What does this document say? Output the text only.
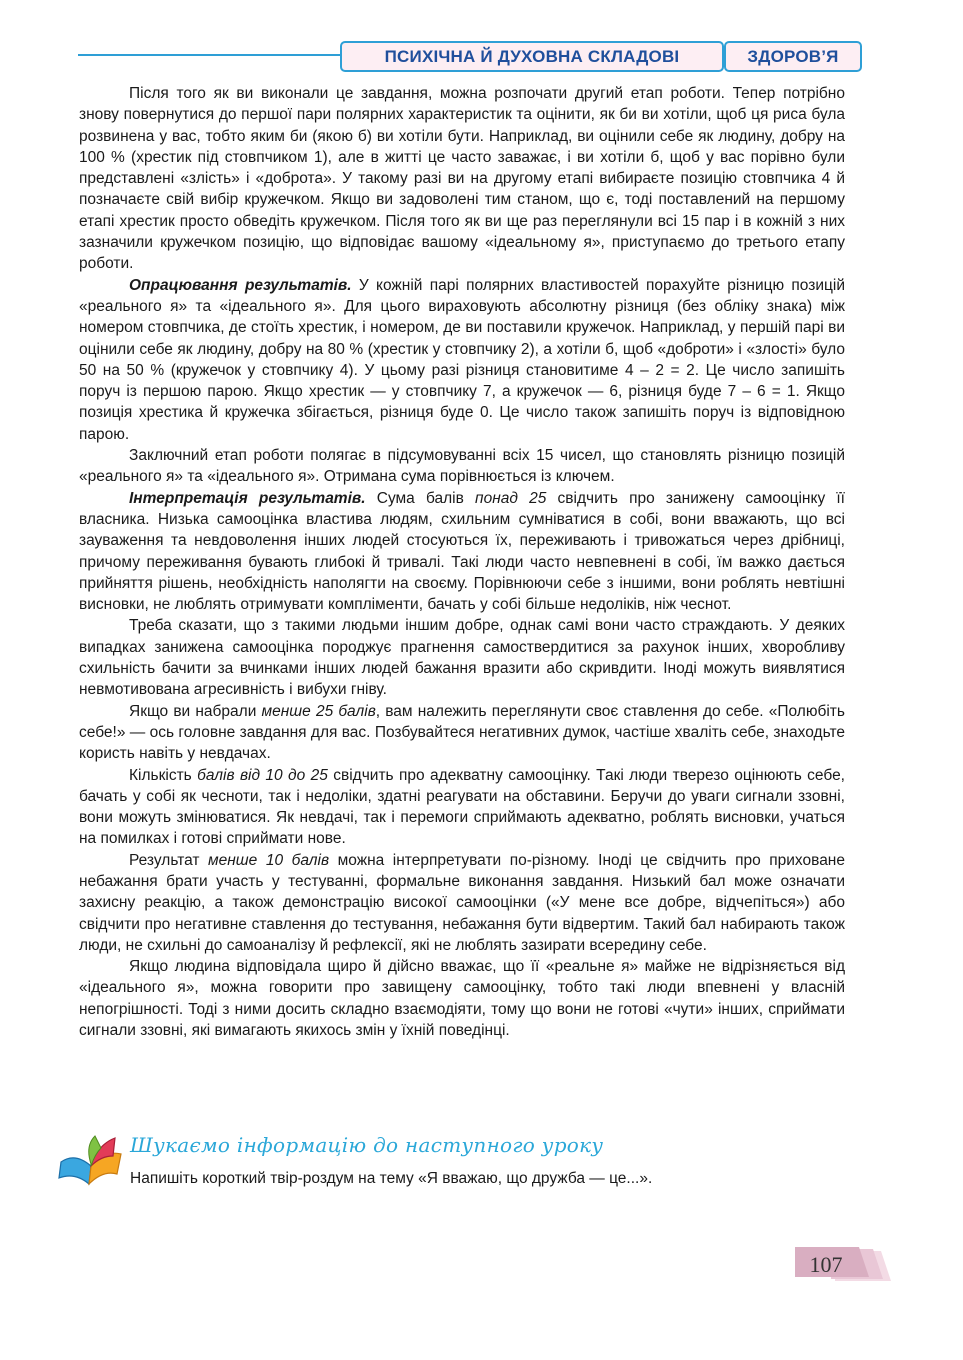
ПСИХІЧНА Й ДУХОВНА СКЛАДОВІ	ЗДОРОВ’Я

Після того як ви виконали це завдання, можна розпочати другий етап роботи. Тепер потрібно знову повернутися до першої пари полярних характеристик та оцінити, як би ви хотіли, щоб ця риса була розвинена у вас, тобто яким би (якою б) ви хотіли бути. Наприклад, ви оцінили себе як людину, добру на 100 % (хрестик під стовпчиком 1), але в житті це часто заважає, і ви хотіли б, щоб у вас порівно були представлені «злість» і «доброта». У такому разі ви на другому етапі вибираєте позицію стовпчика 4 й позначаєте свій вибір кружечком. Якщо ви задоволені тим станом, що є, тоді поставлений на першому етапі хрестик просто обведіть кружечком. Після того як ви ще раз переглянули всі 15 пар і в кожній з них зазначили кружечком позицію, що відповідає вашому «ідеальному я», приступаємо до третього етапу роботи.

Опрацювання результатів. У кожній парі полярних властивостей порахуйте різницю позицій «реального я» та «ідеального я». Для цього вираховують абсолютну різниця (без обліку знака) між номером стовпчика, де стоїть хрестик, і номером, де ви поставили кружечок. Наприклад, у першій парі ви оцінили себе як людину, добру на 80 % (хрестик у стовпчику 2), а хотіли б, щоб «доброти» і «злості» було 50 на 50 % (кружечок у стовпчику 4). У цьому разі різниця становитиме 4 – 2 = 2. Це число запишіть поруч із першою парою. Якщо хрестик — у стовпчику 7, а кружечок — 6, різниця буде 7 – 6 = 1. Якщо позиція хрестика й кружечка збігається, різниця буде 0. Це число також запишіть поруч із відповідною парою.

Заключний етап роботи полягає в підсумовуванні всіх 15 чисел, що становлять різницю позицій «реального я» та «ідеального я». Отримана сума порівнюється із ключем.

Інтерпретація результатів. Сума балів понад 25 свідчить про занижену самооцінку її власника. Низька самооцінка властива людям, схильним сумніватися в собі, вони вважають, що всі зауваження та невдоволення інших людей стосуються їх, переживають і тривожаться через дрібниці, причому переживання бувають глибокі й тривалі. Такі люди часто невпевнені в собі, їм важко дається прийняття рішень, необхідність наполягти на своєму. Порівнюючи себе з іншими, вони роблять невтішні висновки, не люблять отримувати компліменти, бачать у собі більше недоліків, ніж чеснот.

Треба сказати, що з такими людьми іншим добре, однак самі вони часто страждають. У деяких випадках занижена самооцінка породжує прагнення самоствердитися за рахунок інших, хворобливу схильність бачити за вчинками інших людей бажання вразити або скривдити. Іноді можуть виявлятися невмотивована агресивність і вибухи гніву.

Якщо ви набрали менше 25 балів, вам належить переглянути своє ставлення до себе. «Полюбіть себе!» — ось головне завдання для вас. Позбувайтеся негативних думок, частіше хваліть себе, знаходьте користь навіть у невдачах.

Кількість балів від 10 до 25 свідчить про адекватну самооцінку. Такі люди тверезо оцінюють себе, бачать у собі як чесноти, так і недоліки, здатні реагувати на обставини. Беручи до уваги сигнали ззовні, вони можуть змінюватися. Як невдачі, так і перемоги сприймають адекватно, роблять висновки, учаться на помилках і готові сприймати нове.

Результат менше 10 балів можна інтерпретувати по-різному. Іноді це свідчить про приховане небажання брати участь у тестуванні, формальне виконання завдання. Низький бал може означати захисну реакцію, а також демонстрацію високої самооцінки («У мене все добре, відчепіться») або свідчити про негативне ставлення до тестування, небажання бути відвертим. Такий бал набирають також люди, не схильні до самоаналізу й рефлексії, які не люблять зазирати всередину себе.

Якщо людина відповідала щиро й дійсно вважає, що її «реальне я» майже не відрізняється від «ідеального я», можна говорити про завищену самооцінку, тобто такі люди впевнені у власній непогрішності. Тоді з ними досить складно взаємодіяти, тому що вони не готові «чути» інших, сприймати сигнали ззовні, які вимагають якихось змін у їхній поведінці.

Шукаємо інформацію до наступного уроку
Напишіть короткий твір-роздум на тему «Я вважаю, що дружба — це...».
107
